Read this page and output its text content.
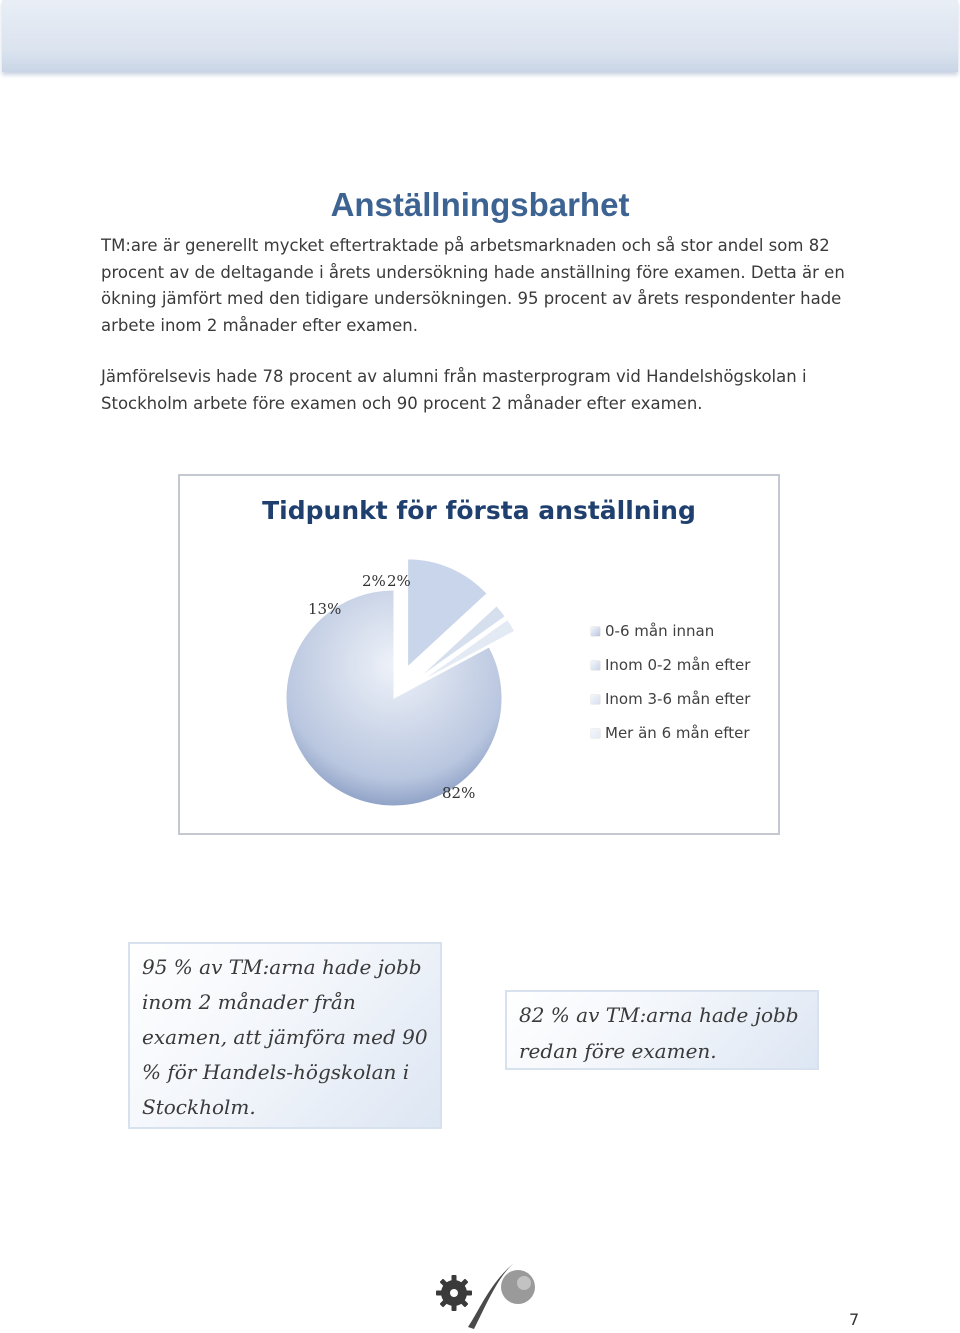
Anställningsbarhet

TM:are är generellt mycket eftertraktade på arbetsmarknaden och så stor andel som 82 procent av de deltagande i årets undersökning hade anställning före examen. Detta är en ökning jämfört med den tidigare undersökningen. 95 procent av årets respondenter hade arbete inom 2 månader efter examen.

Jämförelsevis hade 78 procent av alumni från masterprogram vid Handelshögskolan i Stockholm arbete före examen och 90 procent 2 månader efter examen.

Tidpunkt för första anställning
0-6 mån innan
Inom 0-2 mån efter
Inom 3-6 mån efter
Mer än 6 mån efter
82%
13%
2% 2%
95 % av TM:arna hade jobb inom 2 månader från examen, att jämföra med 90 % för Handels-högskolan i Stockholm.
82 % av TM:arna hade jobb redan före examen.
7
